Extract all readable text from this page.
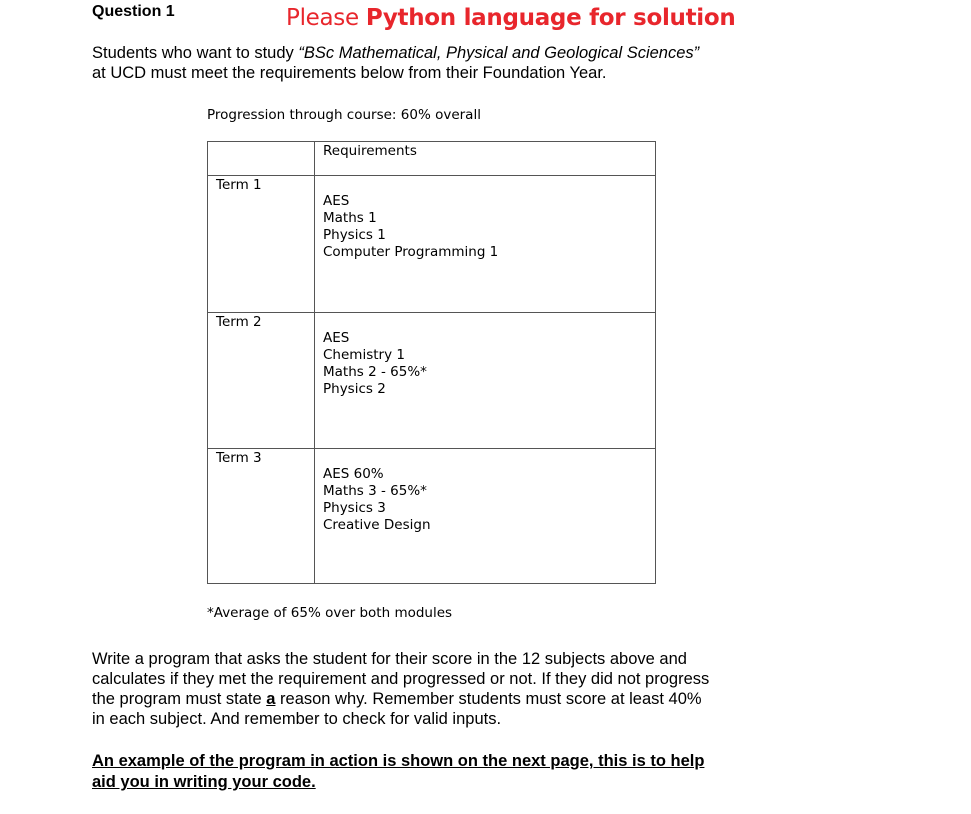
Question 1	Please Python language for solution
Students who want to study “BSc Mathematical, Physical and Geological Sciences”
at UCD must meet the requirements below from their Foundation Year.
Progression through course: 60% overall
Requirements
Term 1
AES
Maths 1
Physics 1
Computer Programming 1
Term 2
AES
Chemistry 1
Maths 2 - 65%*
Physics 2
Term 3
AES 60%
Maths 3 - 65%*
Physics 3
Creative Design
*Average of 65% over both modules
Write a program that asks the student for their score in the 12 subjects above and
calculates if they met the requirement and progressed or not. If they did not progress
the program must state a reason why. Remember students must score at least 40%
in each subject. And remember to check for valid inputs.
An example of the program in action is shown on the next page, this is to help
aid you in writing your code.
